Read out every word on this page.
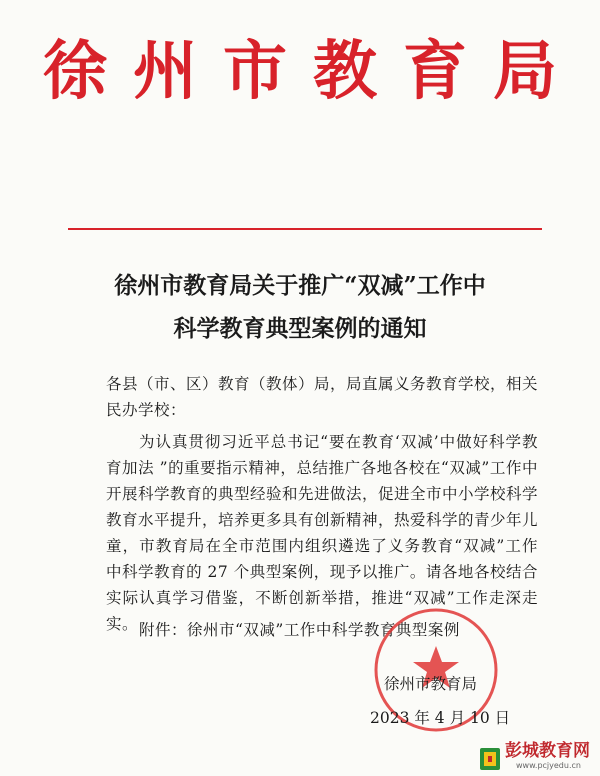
徐州市教育局
徐州市教育局关于推广“双减”工作中
科学教育典型案例的通知
各县（市、区）教育（教体）局，局直属义务教育学校，相关民办学校：
为认真贯彻习近平总书记“要在教育‘双减’中做好科学教育加法 ”的重要指示精神，总结推广各地各校在“双减”工作中开展科学教育的典型经验和先进做法，促进全市中小学校科学教育水平提升，培养更多具有创新精神，热爱科学的青少年儿童，市教育局在全市范围内组织遴选了义务教育“双减”工作中科学教育的 27 个典型案例，现予以推广。请各地各校结合实际认真学习借鉴，不断创新举措，推进“双减”工作走深走实。 附件：徐州市“双减”工作中科学教育典型案例
徐州市教育局
2023 年 4 月 10 日
彭城教育网
www.pcjyedu.cn
